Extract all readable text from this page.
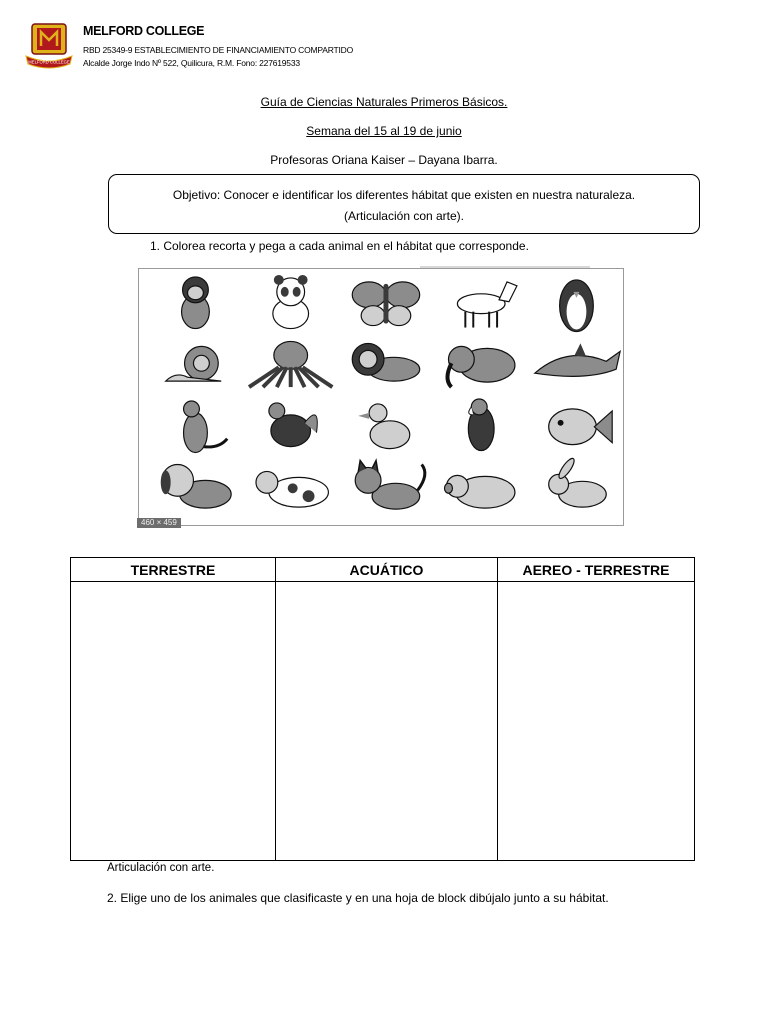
MELFORD COLLEGE
MELFORD COLLEGE
RBD 25349-9 ESTABLECIMIENTO DE FINANCIAMIENTO COMPARTIDO
Alcalde Jorge Indo Nº 522, Quilicura, R.M. Fono: 227619533
Guía de Ciencias Naturales Primeros Básicos.
Semana del 15 al 19 de junio
Profesoras Oriana Kaiser – Dayana Ibarra.
Objetivo: Conocer e identificar los diferentes hábitat que existen en nuestra naturaleza.
(Articulación con arte).
1. Colorea recorta y pega a cada animal en el hábitat que corresponde.
460 × 459
TERRESTRE	ACUÁTICO	AEREO - TERRESTRE

Articulación con arte.
2. Elige uno de los animales que clasificaste y en una hoja de block dibújalo junto a su hábitat.
